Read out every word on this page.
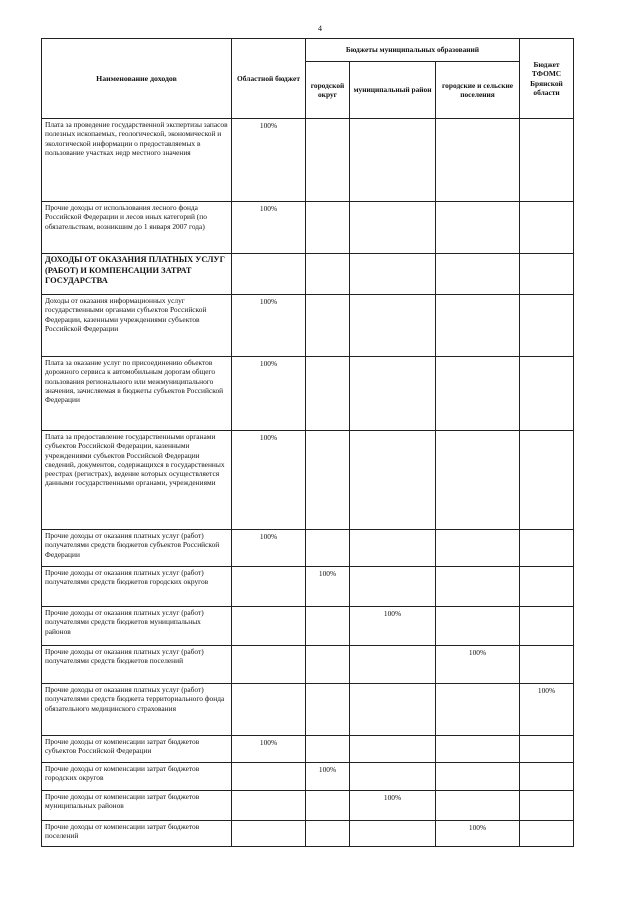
4
Наименование доходов	Областной бюджет	Бюджеты муниципальных образований			Бюджет ТФОМС Брянской области
		городской округ	муниципальный район	городские и сельские поселения	
Плата за проведение государственной экспертизы запасов полезных ископаемых, геологической, экономической и экологической информации о предоставляемых в пользование участках недр местного значения	100%				
Прочие доходы от использования лесного фонда Российской Федерации и лесов иных категорий (по обязательствам, возникшим до 1 января 2007 года)	100%				
ДОХОДЫ ОТ ОКАЗАНИЯ ПЛАТНЫХ УСЛУГ (РАБОТ) И КОМПЕНСАЦИИ ЗАТРАТ ГОСУДАРСТВА					
Доходы от оказания информационных услуг государственными органами субъектов Российской Федерации, казенными учреждениями субъектов Российской Федерации	100%				
Плата за оказание услуг по присоединению объектов дорожного сервиса к автомобильным дорогам общего пользования регионального или межмуниципального значения, зачисляемая в бюджеты субъектов Российской Федерации	100%				
Плата за предоставление государственными органами субъектов Российской Федерации, казенными учреждениями субъектов Российской Федерации сведений, документов, содержащихся в государственных реестрах (регистрах), ведение которых осуществляется данными государственными органами, учреждениями	100%				
Прочие доходы от оказания платных услуг (работ) получателями средств бюджетов субъектов Российской Федерации	100%				
Прочие доходы от оказания платных услуг (работ) получателями средств бюджетов городских округов		100%			
Прочие доходы от оказания платных услуг (работ) получателями средств бюджетов муниципальных районов			100%		
Прочие доходы от оказания платных услуг (работ) получателями средств бюджетов поселений				100%	
Прочие доходы от оказания платных услуг (работ) получателями средств бюджета территориального фонда обязательного медицинского страхования					100%
Прочие доходы от компенсации затрат бюджетов субъектов Российской Федерации	100%				
Прочие доходы от компенсации затрат бюджетов городских округов		100%			
Прочие доходы от компенсации затрат бюджетов муниципальных районов			100%		
Прочие доходы от компенсации затрат бюджетов поселений				100%	
